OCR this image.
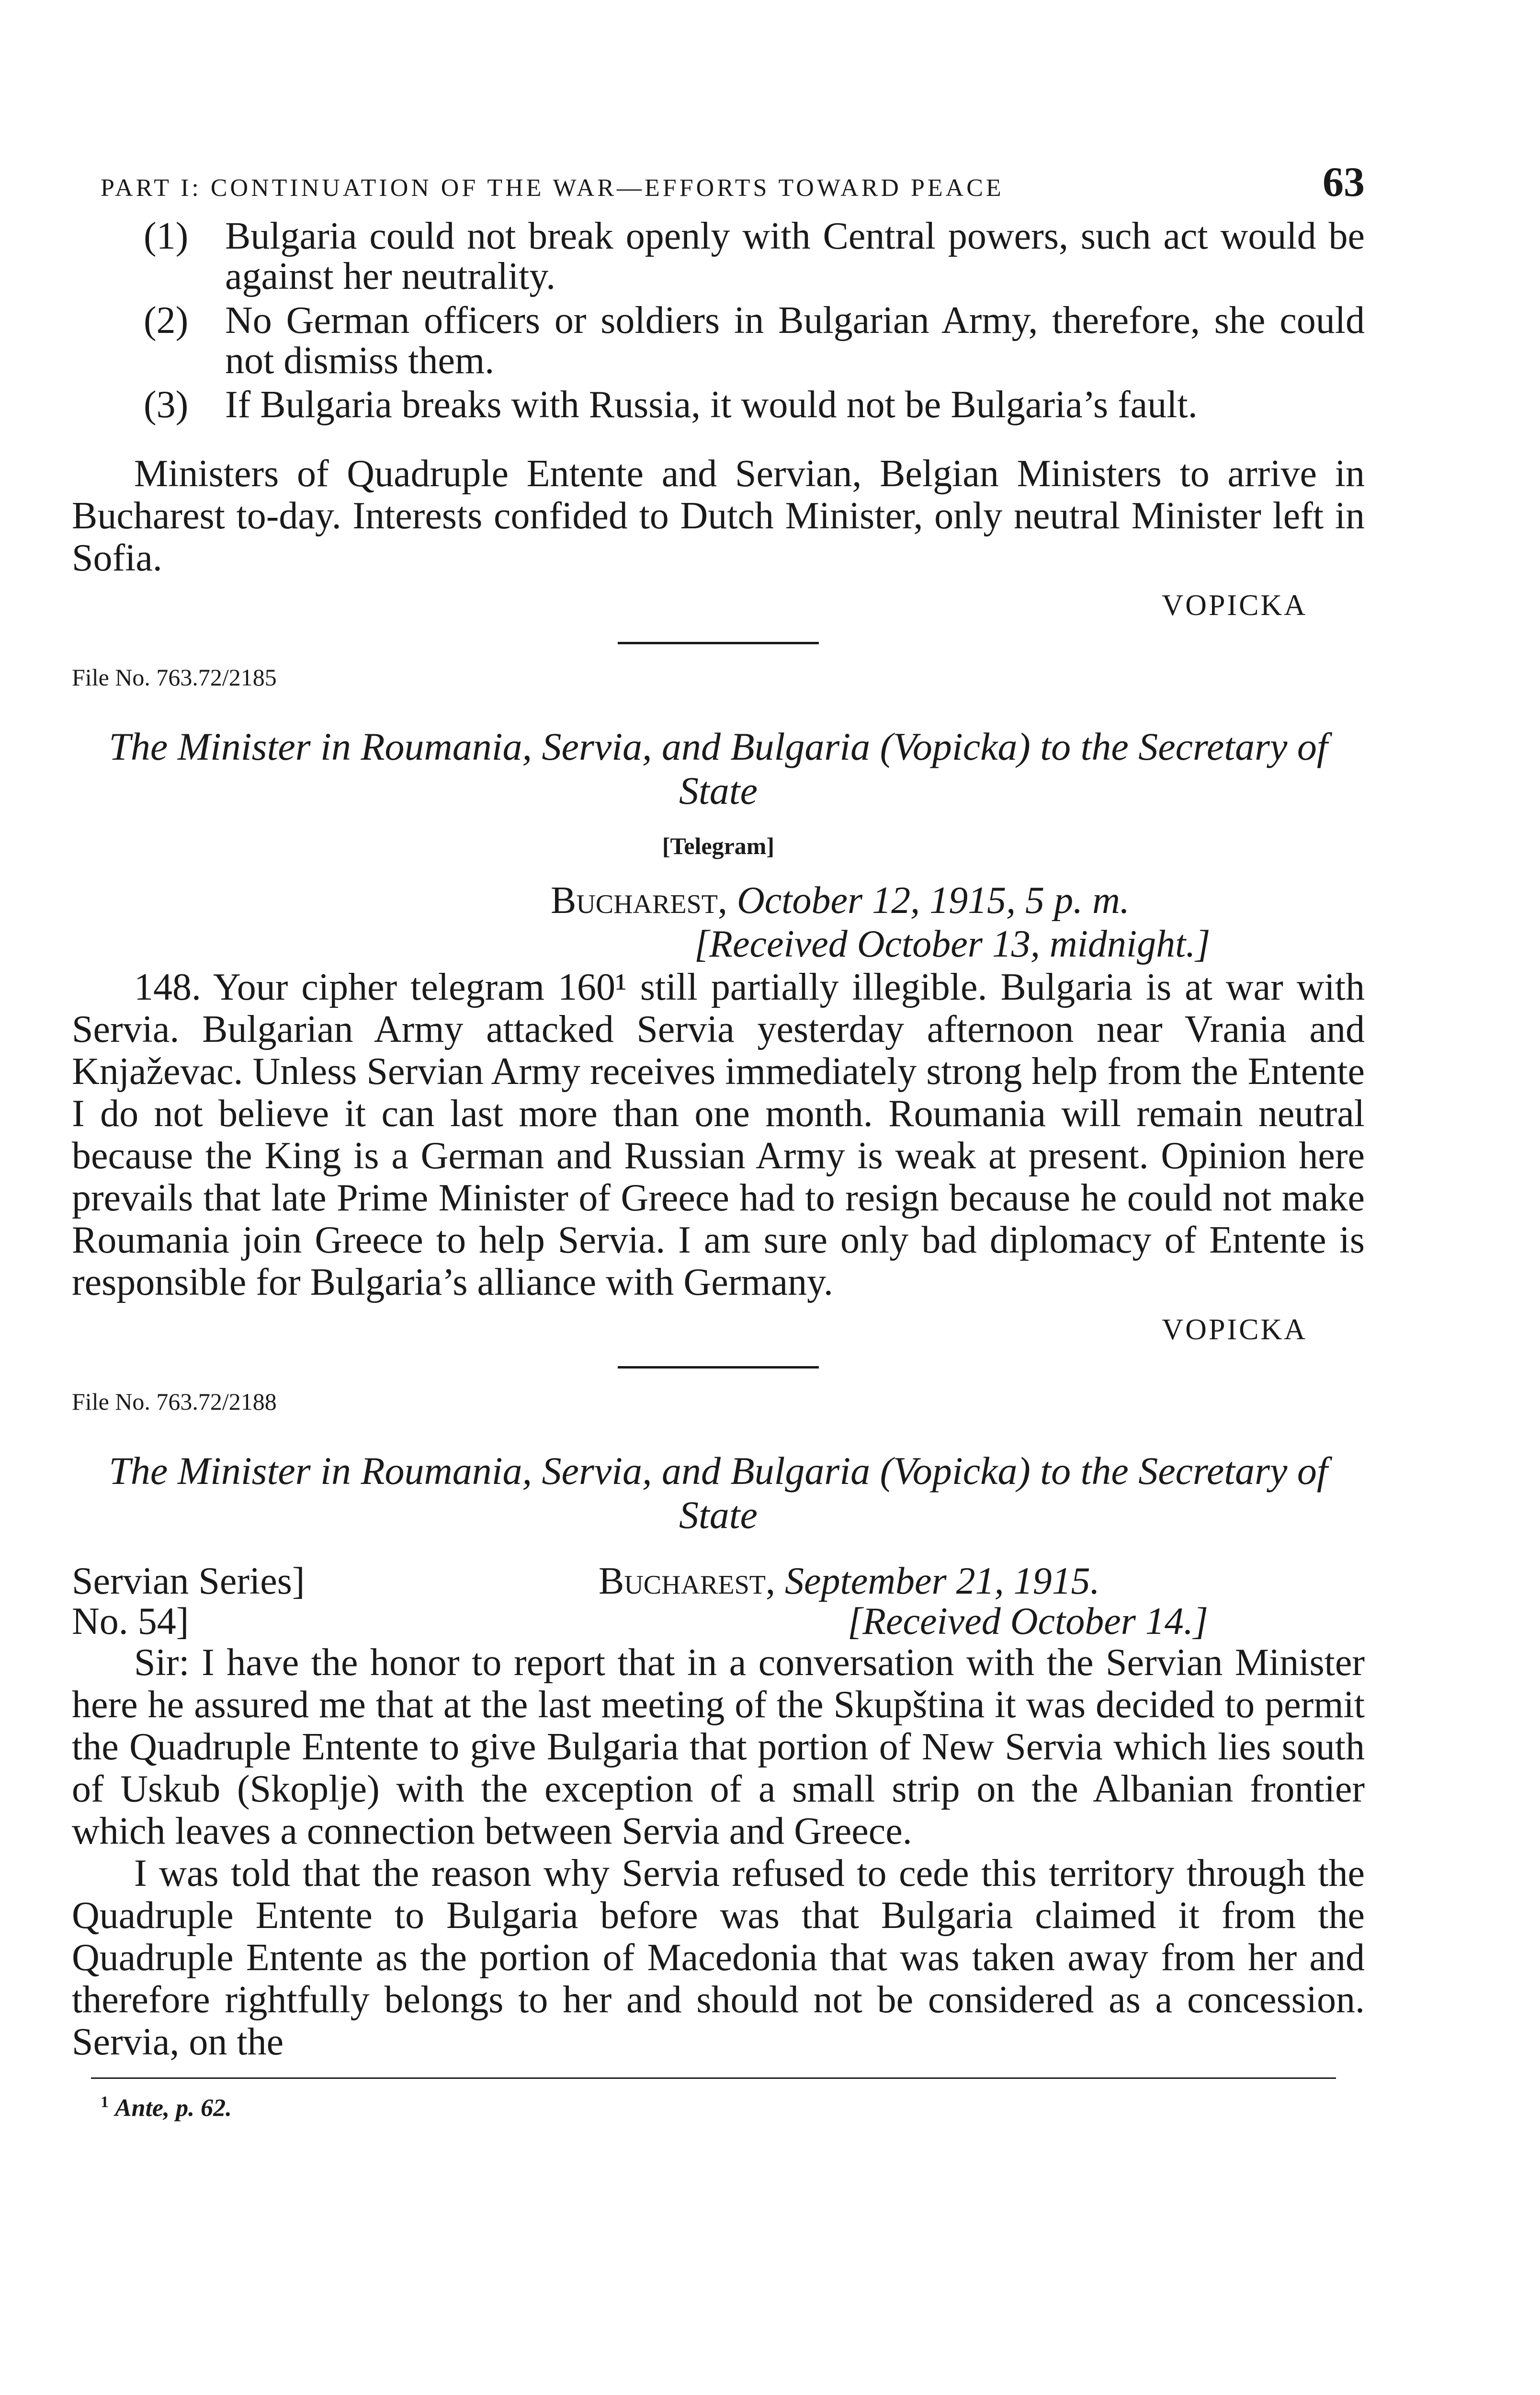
PART I: CONTINUATION OF THE WAR—EFFORTS TOWARD PEACE	63
(1) Bulgaria could not break openly with Central powers, such act would be against her neutrality.
(2) No German officers or soldiers in Bulgarian Army, therefore, she could not dismiss them.
(3) If Bulgaria breaks with Russia, it would not be Bulgaria’s fault.

Ministers of Quadruple Entente and Servian, Belgian Ministers to arrive in Bucharest to-day. Interests confided to Dutch Minister, only neutral Minister left in Sofia.

VOPICKA
File No. 763.72/2185
The Minister in Roumania, Servia, and Bulgaria (Vopicka) to the Secretary of State
[Telegram]
Bucharest, October 12, 1915, 5 p. m.
[Received October 13, midnight.]

148. Your cipher telegram 160¹ still partially illegible. Bulgaria is at war with Servia. Bulgarian Army attacked Servia yesterday afternoon near Vrania and Knjaževac. Unless Servian Army receives immediately strong help from the Entente I do not believe it can last more than one month. Roumania will remain neutral because the King is a German and Russian Army is weak at present. Opinion here prevails that late Prime Minister of Greece had to resign because he could not make Roumania join Greece to help Servia. I am sure only bad diplomacy of Entente is responsible for Bulgaria’s alliance with Germany.

VOPICKA
File No. 763.72/2188
The Minister in Roumania, Servia, and Bulgaria (Vopicka) to the Secretary of State
Servian Series]
No. 54]
Bucharest, September 21, 1915.
[Received October 14.]

Sir: I have the honor to report that in a conversation with the Servian Minister here he assured me that at the last meeting of the Skupština it was decided to permit the Quadruple Entente to give Bulgaria that portion of New Servia which lies south of Uskub (Skoplje) with the exception of a small strip on the Albanian frontier which leaves a connection between Servia and Greece.

I was told that the reason why Servia refused to cede this territory through the Quadruple Entente to Bulgaria before was that Bulgaria claimed it from the Quadruple Entente as the portion of Macedonia that was taken away from her and therefore rightfully belongs to her and should not be considered as a concession. Servia, on the

$^1$ Ante, p. 62.
